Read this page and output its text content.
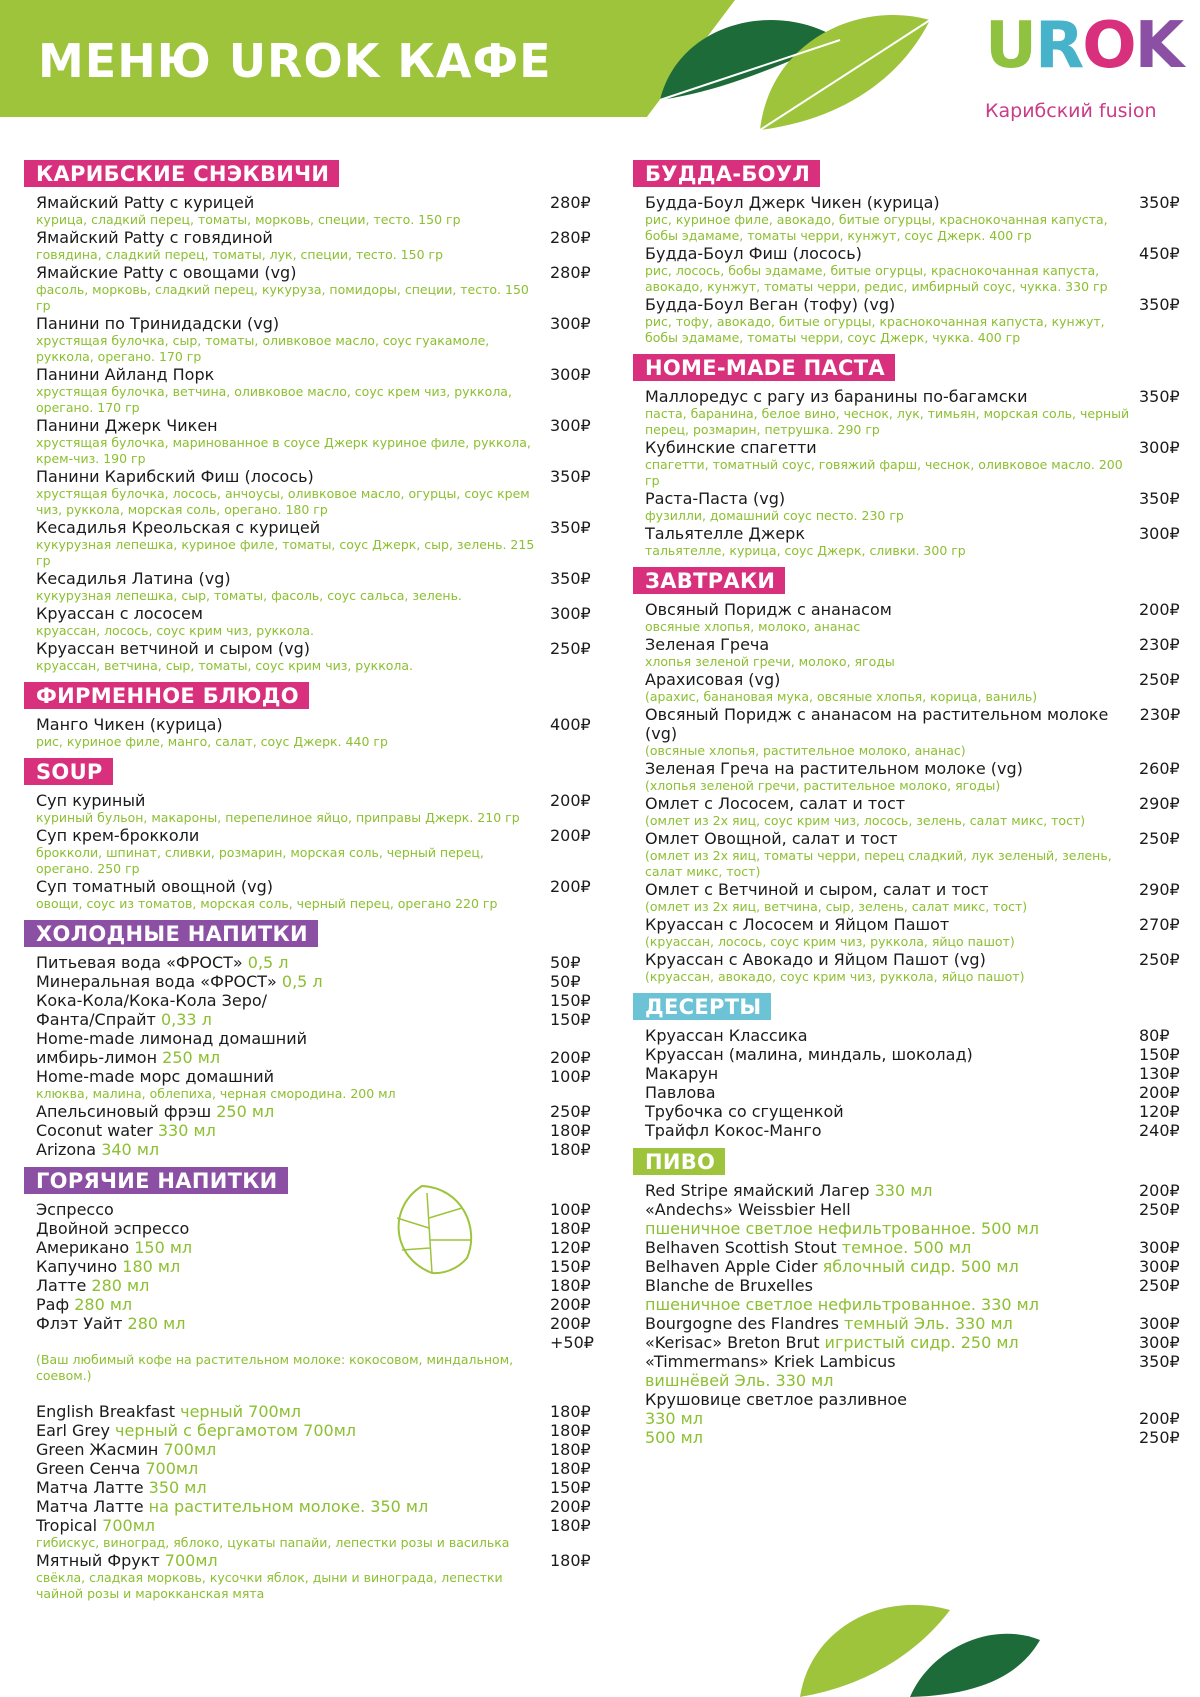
МЕНЮ UROK КАФЕ	UROK
Карибский fusion
КАРИБСКИЕ СНЭКВИЧИ
Ямайский Patty с курицей	280₽
курица, сладкий перец, томаты, морковь, специи, тесто. 150 гр
Ямайский Patty с говядиной	280₽
говядина, сладкий перец, томаты, лук, специи, тесто. 150 гр
Ямайские Patty с овощами (vg)	280₽
фасоль, морковь, сладкий перец, кукуруза, помидоры, специи, тесто. 150 гр
Панини по Тринидадски (vg)	300₽
хрустящая булочка, сыр, томаты, оливковое масло, соус гуакамоле, руккола, орегано. 170 гр
Панини Айланд Порк	300₽
хрустящая булочка, ветчина, оливковое масло, соус крем чиз, руккола, орегано. 170 гр
Панини Джерк Чикен	300₽
хрустящая булочка, маринованное в соусе Джерк куриное филе, руккола, крем-чиз. 190 гр
Панини Карибский Фиш (лосось)	350₽
хрустящая булочка, лосось, анчоусы, оливковое масло, огурцы, соус крем чиз, руккола, морская соль, орегано. 180 гр
Кесадилья Креольская с курицей	350₽
кукурузная лепешка, куриное филе, томаты, соус Джерк, сыр, зелень. 215 гр
Кесадилья Латина (vg)	350₽
кукурузная лепешка, сыр, томаты, фасоль, соус сальса, зелень.
Круассан с лососем	300₽
круассан, лосось, соус крим чиз, руккола.
Круассан ветчиной и сыром (vg)	250₽
круассан, ветчина, сыр, томаты, соус крим чиз, руккола.
ФИРМЕННОЕ БЛЮДО
Манго Чикен (курица)	400₽
рис, куриное филе, манго, салат, соус Джерк. 440 гр
SOUP
Суп куриный	200₽
куриный бульон, макароны, перепелиное яйцо, приправы Джерк. 210 гр
Суп крем-брокколи	200₽
брокколи, шпинат, сливки, розмарин, морская соль, черный перец, орегано. 250 гр
Суп томатный овощной (vg)	200₽
овощи, соус из томатов, морская соль, черный перец, орегано 220 гр
ХОЛОДНЫЕ НАПИТКИ
Питьевая вода «ФРОСТ» 0,5 л	50₽
Минеральная вода «ФРОСТ» 0,5 л	50₽
Кока-Кола/Кока-Кола Зеро/	150₽
Фанта/Спрайт 0,33 л	150₽
Home-made лимонад домашний
имбирь-лимон 250 мл	200₽
Home-made морс домашний	100₽
клюква, малина, облепиха, черная смородина. 200 мл
Апельсиновый фрэш 250 мл	250₽
Coconut water 330 мл	180₽
Arizona 340 мл	180₽
ГОРЯЧИЕ НАПИТКИ
Эспрессо	100₽
Двойной эспрессо	180₽
Американо 150 мл	120₽
Капучино 180 мл	150₽
Латте 280 мл	180₽
Раф 280 мл	200₽
Флэт Уайт 280 мл	200₽
+50₽
(Ваш любимый кофе на растительном молоке: кокосовом, миндальном, соевом.)
English Breakfast черный 700мл	180₽
Earl Grey черный с бергамотом 700мл	180₽
Green Жасмин 700мл	180₽
Green Сенча 700мл	180₽
Матча Латте 350 мл	150₽
Матча Латте на растительном молоке. 350 мл	200₽
Tropical 700мл	180₽
гибискус, виноград, яблоко, цукаты папайи, лепестки розы и василька
Мятный Фрукт 700мл	180₽
свёкла, сладкая морковь, кусочки яблок, дыни и винограда, лепестки чайной розы и марокканская мята
БУДДА-БОУЛ
Будда-Боул Джерк Чикен (курица)	350₽
рис, куриное филе, авокадо, битые огурцы, краснокочанная капуста, бобы эдамаме, томаты черри, кунжут, соус Джерк. 400 гр
Будда-Боул Фиш (лосось)	450₽
рис, лосось, бобы эдамаме, битые огурцы, краснокочанная капуста, авокадо, кунжут, томаты черри, редис, имбирный соус, чукка. 330 гр
Будда-Боул Веган (тофу) (vg)	350₽
рис, тофу, авокадо, битые огурцы, краснокочанная капуста, кунжут, бобы эдамаме, томаты черри, соус Джерк, чукка. 400 гр
HOME-MADE ПАСТА
Маллоредус с рагу из баранины по-багамски	350₽
паста, баранина, белое вино, чеснок, лук, тимьян, морская соль, черный перец, розмарин, петрушка. 290 гр
Кубинские спагетти	300₽
спагетти, томатный соус, говяжий фарш, чеснок, оливковое масло. 200 гр
Раста-Паста (vg)	350₽
фузилли, домашний соус песто. 230 гр
Тальятелле Джерк	300₽
тальятелле, курица, соус Джерк, сливки. 300 гр
ЗАВТРАКИ
Овсяный Поридж с ананасом	200₽
овсяные хлопья, молоко, ананас
Зеленая Греча	230₽
хлопья зеленой гречи, молоко, ягоды
Арахисовая (vg)	250₽
(арахис, банановая мука, овсяные хлопья, корица, ваниль)
Овсяный Поридж с ананасом на растительном молоке (vg)
230₽
(овсяные хлопья, растительное молоко, ананас)
Зеленая Греча на растительном молоке (vg)	260₽
(хлопья зеленой гречи, растительное молоко, ягоды)
Омлет с Лососем, салат и тост	290₽
(омлет из 2х яиц, соус крим чиз, лосось, зелень, салат микс, тост)
Омлет Овощной, салат и тост	250₽
(омлет из 2х яиц, томаты черри, перец сладкий, лук зеленый, зелень, салат микс, тост)
Омлет с Ветчиной и сыром, салат и тост	290₽
(омлет из 2х яиц, ветчина, сыр, зелень, салат микс, тост)
Круассан с Лососем и Яйцом Пашот	270₽
(круассан, лосось, соус крим чиз, руккола, яйцо пашот)
Круассан с Авокадо и Яйцом Пашот (vg)	250₽
(круассан, авокадо, соус крим чиз, руккола, яйцо пашот)
ДЕСЕРТЫ
Круассан Классика	80₽
Круассан (малина, миндаль, шоколад)	150₽
Макарун	130₽
Павлова	200₽
Трубочка со сгущенкой	120₽
Трайфл Кокос-Манго	240₽
ПИВО
Red Stripe ямайский Лагер 330 мл	200₽
«Andechs» Weissbier Hell	250₽
пшеничное светлое нефильтрованное. 500 мл
Belhaven Scottish Stout темное. 500 мл	300₽
Belhaven Apple Cider яблочный сидр. 500 мл	300₽
Blanche de Bruxelles	250₽
пшеничное светлое нефильтрованное. 330 мл
Bourgogne des Flandres темный Эль. 330 мл	300₽
«Kerisac» Breton Brut игристый сидр. 250 мл	300₽
«Timmermans» Kriek Lambicus	350₽
вишнёвей Эль. 330 мл
Крушовице светлое разливное
330 мл	200₽
500 мл	250₽
